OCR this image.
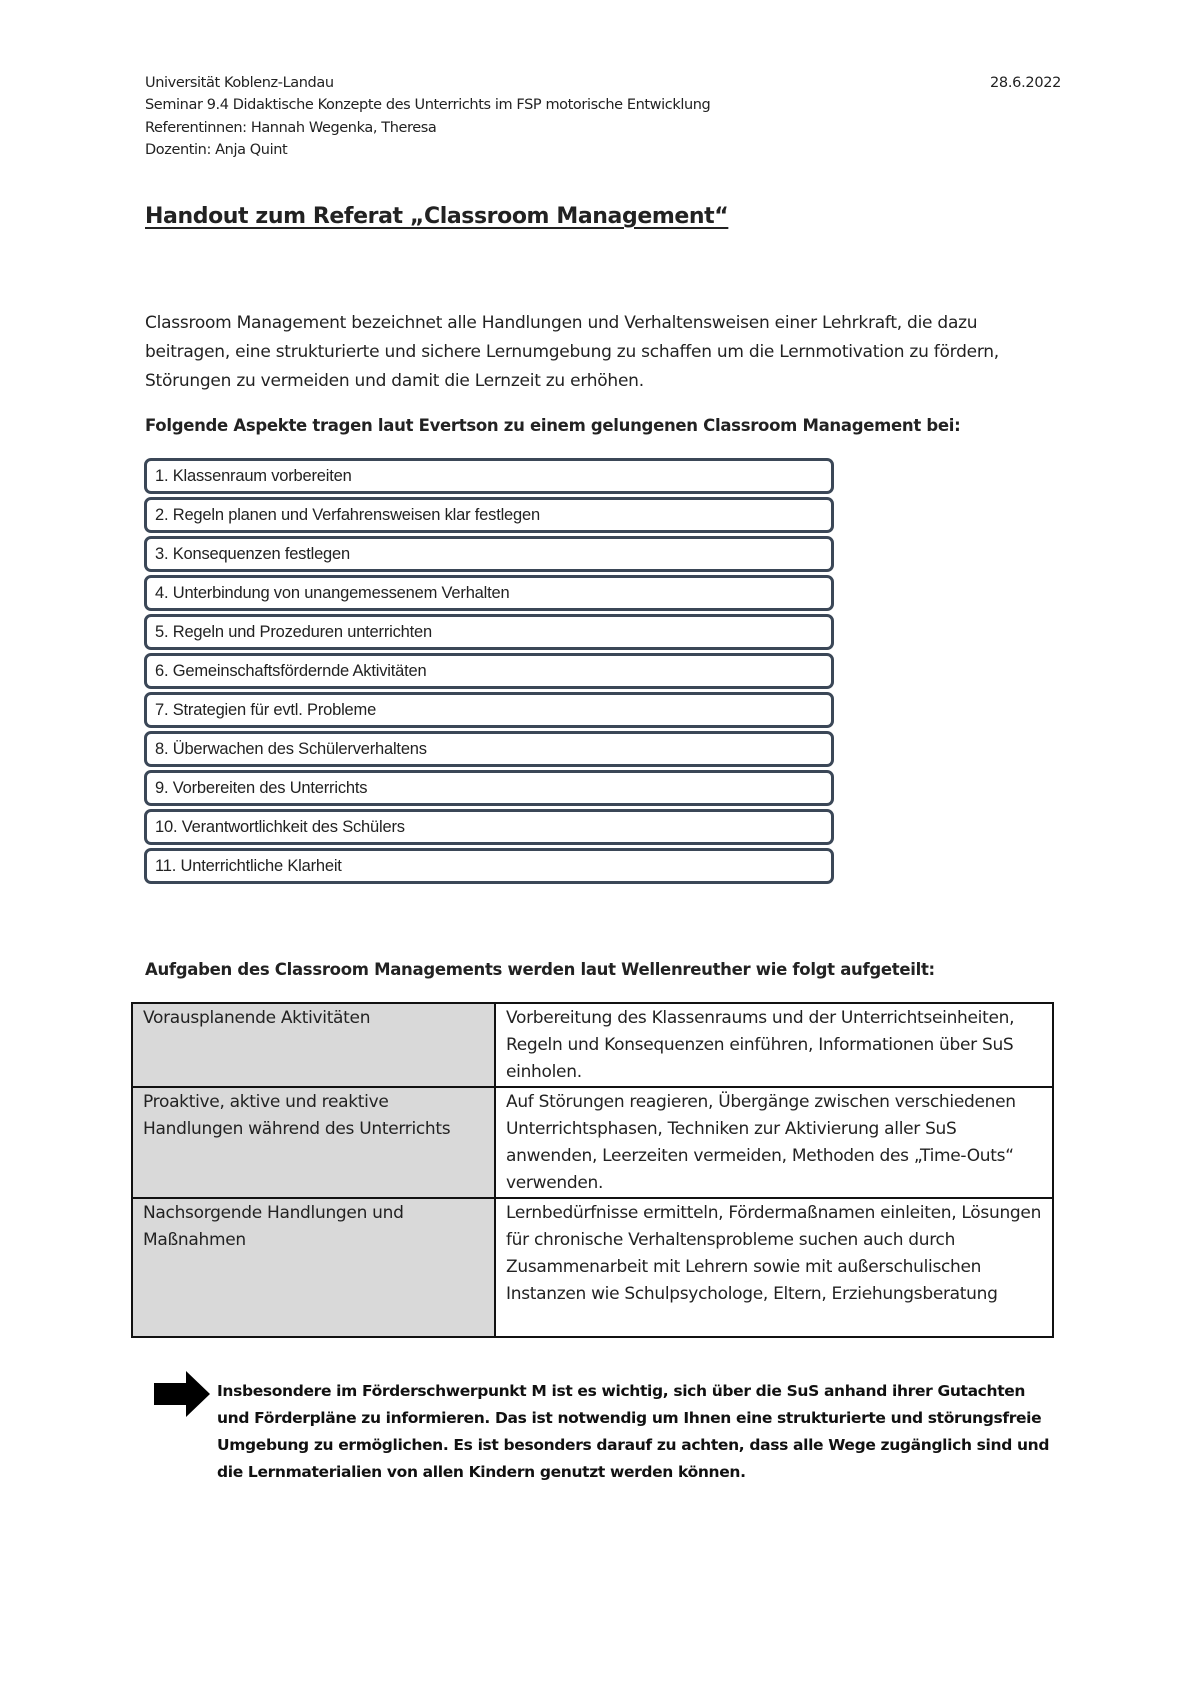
Universität Koblenz-Landau
Seminar 9.4 Didaktische Konzepte des Unterrichts im FSP motorische Entwicklung
Referentinnen: Hannah Wegenka, Theresa
Dozentin: Anja Quint
28.6.2022
Handout zum Referat „Classroom Management“

Classroom Management bezeichnet alle Handlungen und Verhaltensweisen einer Lehrkraft, die dazu beitragen, eine strukturierte und sichere Lernumgebung zu schaffen um die Lernmotivation zu fördern, Störungen zu vermeiden und damit die Lernzeit zu erhöhen.

Folgende Aspekte tragen laut Evertson zu einem gelungenen Classroom Management bei:
1. Klassenraum vorbereiten
2. Regeln planen und Verfahrensweisen klar festlegen
3. Konsequenzen festlegen
4. Unterbindung von unangemessenem Verhalten
5. Regeln und Prozeduren unterrichten
6. Gemeinschaftsfördernde Aktivitäten
7. Strategien für evtl. Probleme
8. Überwachen des Schülerverhaltens
9. Vorbereiten des Unterrichts
10. Verantwortlichkeit des Schülers
11. Unterrichtliche Klarheit
Aufgaben des Classroom Managements werden laut Wellenreuther wie folgt aufgeteilt:
Vorausplanende Aktivitäten	Vorbereitung des Klassenraums und der Unterrichtseinheiten, Regeln und Konsequenzen einführen, Informationen über SuS einholen.
Proaktive, aktive und reaktive Handlungen während des Unterrichts	Auf Störungen reagieren, Übergänge zwischen verschiedenen Unterrichtsphasen, Techniken zur Aktivierung aller SuS anwenden, Leerzeiten vermeiden, Methoden des „Time-Outs“ verwenden.
Nachsorgende Handlungen und Maßnahmen	Lernbedürfnisse ermitteln, Fördermaßnamen einleiten, Lösungen für chronische Verhaltensprobleme suchen auch durch Zusammenarbeit mit Lehrern sowie mit außerschulischen Instanzen wie Schulpsychologe, Eltern, Erziehungsberatung

Insbesondere im Förderschwerpunkt M ist es wichtig, sich über die SuS anhand ihrer Gutachten und Förderpläne zu informieren. Das ist notwendig um Ihnen eine strukturierte und störungsfreie Umgebung zu ermöglichen. Es ist besonders darauf zu achten, dass alle Wege zugänglich sind und die Lernmaterialien von allen Kindern genutzt werden können.
